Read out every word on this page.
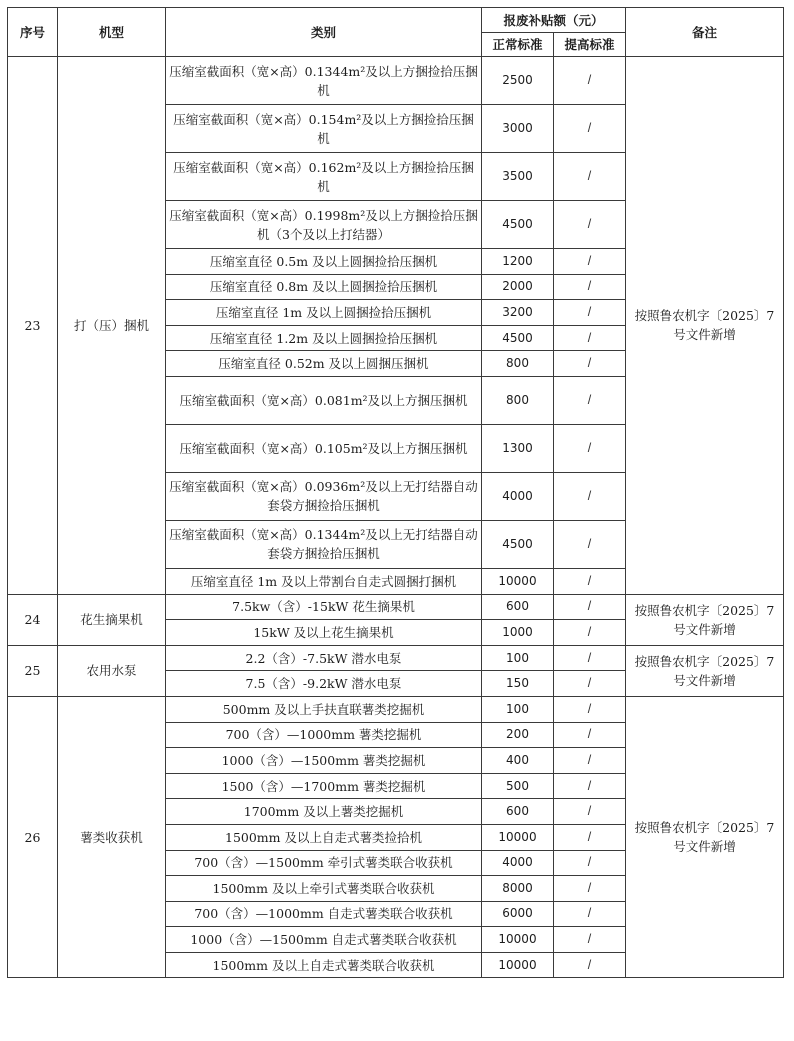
序号	机型	类别	报废补贴额（元）		备注
			正常标准	提高标准	
23	打（压）捆机	压缩室截面积（宽×高）0.1344m²及以上方捆捡拾压捆机	2500	/	按照鲁农机字〔2025〕7号文件新增
		压缩室截面积（宽×高）0.154m²及以上方捆捡拾压捆机	3000	/	
		压缩室截面积（宽×高）0.162m²及以上方捆捡拾压捆机	3500	/	
		压缩室截面积（宽×高）0.1998m²及以上方捆捡拾压捆机（3个及以上打结器）	4500	/	
		压缩室直径 0.5m 及以上圆捆捡拾压捆机	1200	/	
		压缩室直径 0.8m 及以上圆捆捡拾压捆机	2000	/	
		压缩室直径 1m 及以上圆捆捡拾压捆机	3200	/	
		压缩室直径 1.2m 及以上圆捆捡拾压捆机	4500	/	
		压缩室直径 0.52m 及以上圆捆压捆机	800	/	
		压缩室截面积（宽×高）0.081m²及以上方捆压捆机	800	/	
		压缩室截面积（宽×高）0.105m²及以上方捆压捆机	1300	/	
		压缩室截面积（宽×高）0.0936m²及以上无打结器自动套袋方捆捡拾压捆机	4000	/	
		压缩室截面积（宽×高）0.1344m²及以上无打结器自动套袋方捆捡拾压捆机	4500	/	
		压缩室直径 1m 及以上带割台自走式圆捆打捆机	10000	/	
24	花生摘果机	7.5kw（含）-15kW 花生摘果机	600	/	按照鲁农机字〔2025〕7号文件新增
		15kW 及以上花生摘果机	1000	/	
25	农用水泵	2.2（含）-7.5kW 潜水电泵	100	/	按照鲁农机字〔2025〕7号文件新增
		7.5（含）-9.2kW 潜水电泵	150	/	
26	薯类收获机	500mm 及以上手扶直联薯类挖掘机	100	/	按照鲁农机字〔2025〕7号文件新增
		700（含）—1000mm 薯类挖掘机	200	/	
		1000（含）—1500mm 薯类挖掘机	400	/	
		1500（含）—1700mm 薯类挖掘机	500	/	
		1700mm 及以上薯类挖掘机	600	/	
		1500mm 及以上自走式薯类捡拾机	10000	/	
		700（含）—1500mm 牵引式薯类联合收获机	4000	/	
		1500mm 及以上牵引式薯类联合收获机	8000	/	
		700（含）—1000mm 自走式薯类联合收获机	6000	/	
		1000（含）—1500mm 自走式薯类联合收获机	10000	/	
		1500mm 及以上自走式薯类联合收获机	10000	/	
